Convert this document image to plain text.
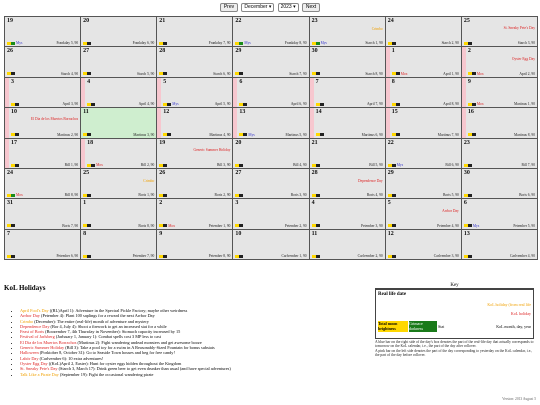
Prev December ▾ 2023 ▾ Next
19
Mys	Frankday 5, 90
20
Frankday 6, 90
21
Frankday 7, 90
22
Mys	Frankday 8, 90
23
Crimbo
Mys	Starch 1, 90
24
Starch 2, 90
25
St. Sneaky Pete's Day
Starch 3, 90
26
Starch 4, 90
27
Starch 5, 90
28
Starch 6, 90
29
Starch 7, 90
30
Starch 8, 90
1
Mox	April 1, 90
2
Oyster Egg Day
Mox	April 2, 90
3
April 3, 90
4
April 4, 90
5
Mys	April 5, 90
6
April 6, 90
7
April 7, 90
8
April 8, 90
9
Mox	Martinus 1, 90
10
El Dia de los Muertos Borrachos
Martinus 2, 90
11
Martinus 3, 90
12
Martinus 4, 90
13
Mys	Martinus 5, 90
14
Martinus 6, 90
15
Martinus 7, 90
16
Martinus 8, 90
17
Bill 1, 90
18
Mox	Bill 2, 90
19
Generic Summer Holiday
Bill 3, 90
20
Bill 4, 90
21
Bill 5, 90
22
Mys	Bill 6, 90
23
Bill 7, 90
24
Mox	Bill 8, 90
25
Crimbo
Boris 1, 90
26
Boris 2, 90
27
Boris 3, 90
28
Dependence Day
Boris 4, 90
29
Boris 5, 90
30
Boris 6, 90
31
Boris 7, 90
1
Boris 8, 90
2
Mox	Petember 1, 90
3
Petember 2, 90
4
Petember 3, 90
5
Arrbor Day
Petember 4, 90
6
Mys	Petember 5, 90
7
Petember 6, 90
8
Petember 7, 90
9
Petember 8, 90
10
Carlvember 1, 90
11
Carlvember 2, 90
12
Carlvember 3, 90
13
Carlvember 4, 90
KoL Holidays
• April Fool's Day ((RL)April 1): Adventure in the Spectral Pickle Factory; maybe other weirdness
• Arrbor Day (Petember 4): Plant 100 saplings for a reward the next Arrbor Day
• Crimbo (December): The entire (real-life) month of adventure and mystery
• Dependence Day (Bor 4, July 4): Shoot a firework to get an increased stat for a while
• Feast of Boris (Boozember 7, 4th Thursday in November): Stomach capacity increased by 15
• Festival of Jarlsberg (Jarlsuary 1, January 1): Combat spells cost 3 MP less to cast
• El Dia de los Muertos Borrachos (Martinus 2): Fight wandering undead monsters and get awesome booze
• Generic Summer Holiday (Bill 3): Take a pool toy for a swim in A Reasonably-Sized Fountain for bonus substats
• Halloween (Porktober 8, October 31): Go to Seaside Town houses and beg for free candy!
• Labór Day (Carlvember 6): 10 extra adventures!
• Oyster Egg Day ((KoL)April 2, Easter): Hunt for oyster eggs hidden throughout the Kingdom
• St. Sneaky Pete's Day (Starch 3, March 17): Drink green beer to get even drunker than usual (and have special adventures)
• Talk Like a Pirate Day (September 19): Fight the occasional wandering pirate
Key
Real life date
KoL holiday (from real life
KoL holiday
Total moon brightness
Grimace darkness	Stat	KoL month, day, year
A blue bar on the right side of the day's box denotes the part of the real-life day that actually corresponds to tomorrow on the KoL calendar, i.e., the part of the day after rollover.
A pink bar on the left side denotes the part of the day corresponding to yesterday on the KoL calendar, i.e., the part of the day before rollover.
Version: 2013 August 5
